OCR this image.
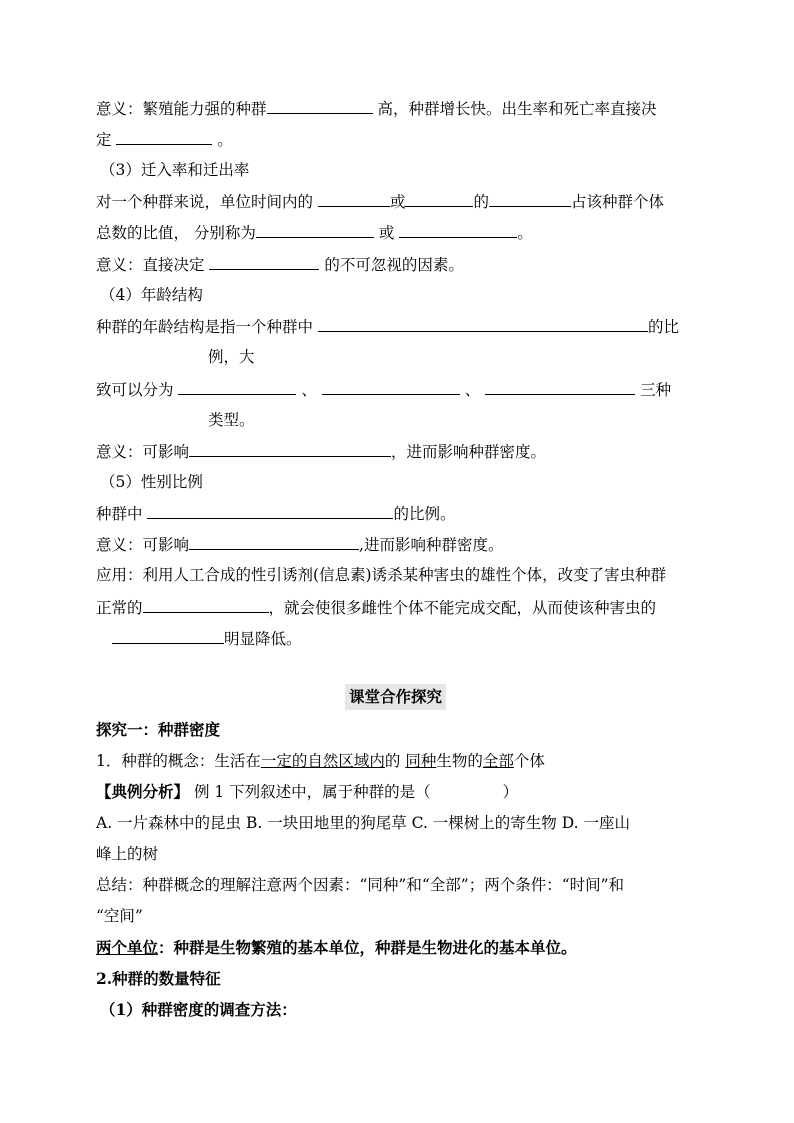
意义：繁殖能力强的种群	高，种群增长快。出生率和死亡率直接决
定	。
（3）迁入率和迁出率
对一个种群来说，单位时间内的	或	的	占该种群个体
总数的比值， 分别称为	或	。
意义：直接决定	的不可忽视的因素。
（4）年龄结构
种群的年龄结构是指一个种群中	的比
例，大
致可以分为	、	、	三种
类型。
意义：可影响	，进而影响种群密度。
（5）性别比例
种群中	的比例。
意义：可影响	,进而影响种群密度。
应用：利用人工合成的性引诱剂(信息素)诱杀某种害虫的雄性个体，改变了害虫种群
正常的	，就会使很多雌性个体不能完成交配，从而使该种害虫的
明显降低。
课堂合作探究
探究一：种群密度
1．种群的概念：生活在一定的自然区域内的 同种生物的全部个体
【典例分析】 例 1 下列叙述中，属于种群的是（	）
A. 一片森林中的昆虫 B. 一块田地里的狗尾草 C. 一棵树上的寄生物 D. 一座山
峰上的树
总结：种群概念的理解注意两个因素：“同种”和“全部”；两个条件：“时间”和
“空间”
两个单位：种群是生物繁殖的基本单位，种群是生物进化的基本单位。
2.种群的数量特征
（1）种群密度的调查方法：
